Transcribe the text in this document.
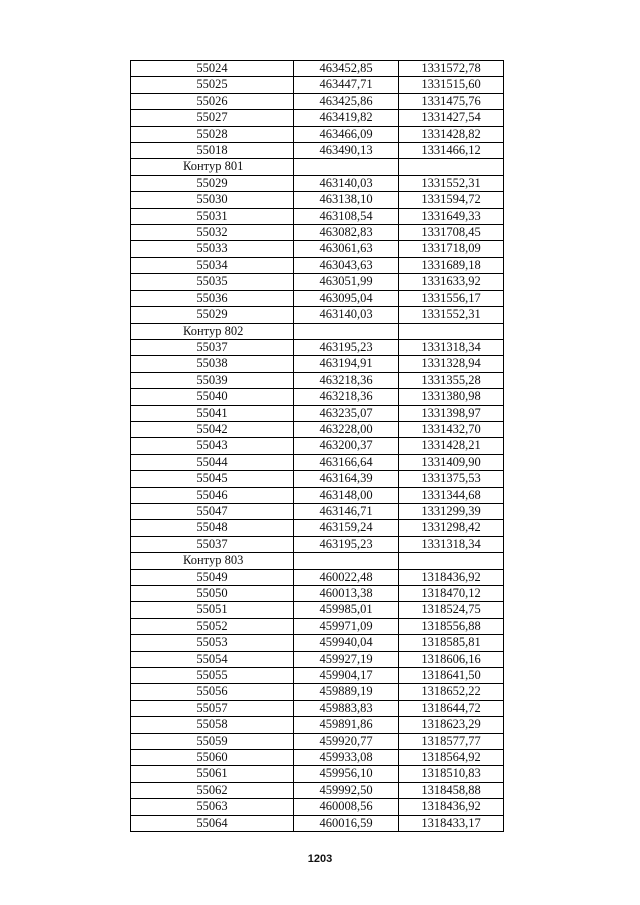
55024	463452,85	1331572,78
55025	463447,71	1331515,60
55026	463425,86	1331475,76
55027	463419,82	1331427,54
55028	463466,09	1331428,82
55018	463490,13	1331466,12
Контур 801		
55029	463140,03	1331552,31
55030	463138,10	1331594,72
55031	463108,54	1331649,33
55032	463082,83	1331708,45
55033	463061,63	1331718,09
55034	463043,63	1331689,18
55035	463051,99	1331633,92
55036	463095,04	1331556,17
55029	463140,03	1331552,31
Контур 802		
55037	463195,23	1331318,34
55038	463194,91	1331328,94
55039	463218,36	1331355,28
55040	463218,36	1331380,98
55041	463235,07	1331398,97
55042	463228,00	1331432,70
55043	463200,37	1331428,21
55044	463166,64	1331409,90
55045	463164,39	1331375,53
55046	463148,00	1331344,68
55047	463146,71	1331299,39
55048	463159,24	1331298,42
55037	463195,23	1331318,34
Контур 803		
55049	460022,48	1318436,92
55050	460013,38	1318470,12
55051	459985,01	1318524,75
55052	459971,09	1318556,88
55053	459940,04	1318585,81
55054	459927,19	1318606,16
55055	459904,17	1318641,50
55056	459889,19	1318652,22
55057	459883,83	1318644,72
55058	459891,86	1318623,29
55059	459920,77	1318577,77
55060	459933,08	1318564,92
55061	459956,10	1318510,83
55062	459992,50	1318458,88
55063	460008,56	1318436,92
55064	460016,59	1318433,17
1203
